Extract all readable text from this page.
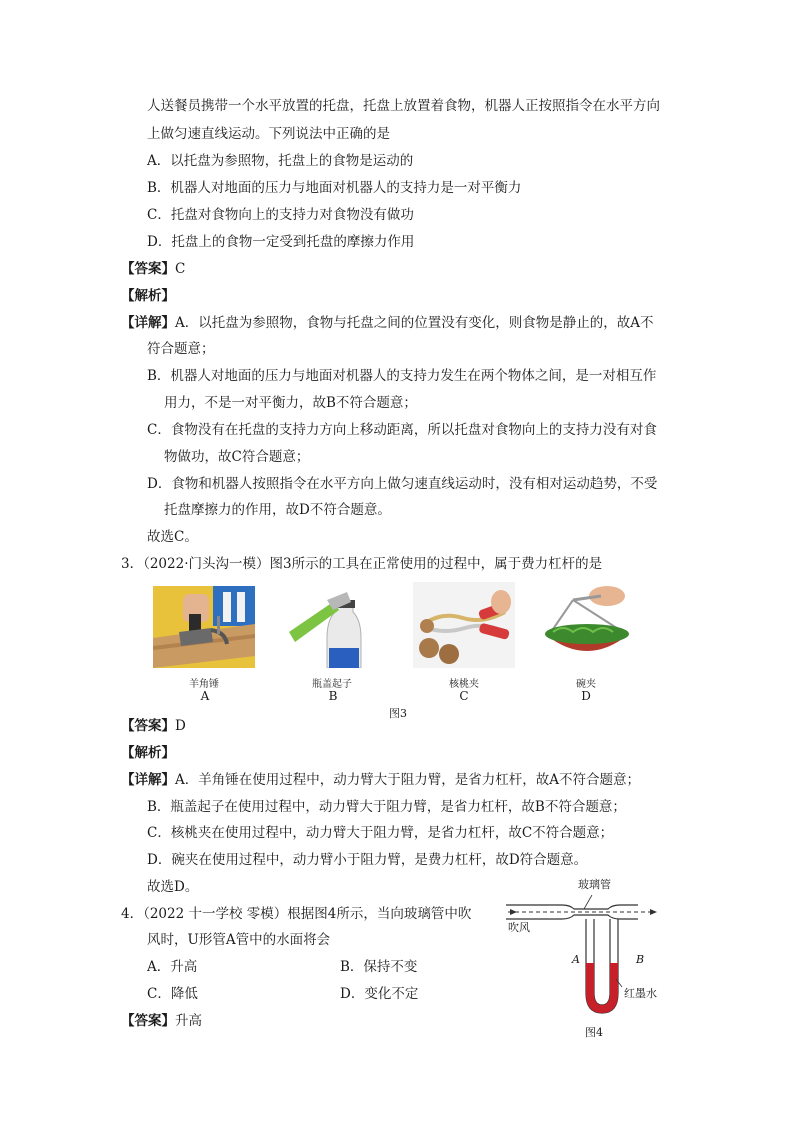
人送餐员携带一个水平放置的托盘，托盘上放置着食物，机器人正按照指令在水平方向
上做匀速直线运动。下列说法中正确的是
A．以托盘为参照物，托盘上的食物是运动的
B．机器人对地面的压力与地面对机器人的支持力是一对平衡力
C．托盘对食物向上的支持力对食物没有做功
D．托盘上的食物一定受到托盘的摩擦力作用
【答案】C
【解析】
【详解】A．以托盘为参照物，食物与托盘之间的位置没有变化，则食物是静止的，故A不
符合题意；
B．机器人对地面的压力与地面对机器人的支持力发生在两个物体之间，是一对相互作
用力，不是一对平衡力，故B不符合题意；
C．食物没有在托盘的支持力方向上移动距离，所以托盘对食物向上的支持力没有对食
物做功，故C符合题意；
D．食物和机器人按照指令在水平方向上做匀速直线运动时，没有相对运动趋势，不受
托盘摩擦力的作用，故D不符合题意。
故选C。
3．（2022·门头沟一模）图3所示的工具在正常使用的过程中，属于费力杠杆的是
羊角锤	瓶盖起子	核桃夹	碗夹
A	B	C	D
图3
【答案】D
【解析】
【详解】A．羊角锤在使用过程中，动力臂大于阻力臂，是省力杠杆，故A不符合题意；
B．瓶盖起子在使用过程中，动力臂大于阻力臂，是省力杠杆，故B不符合题意；
C．核桃夹在使用过程中，动力臂大于阻力臂，是省力杠杆，故C不符合题意；
D．碗夹在使用过程中，动力臂小于阻力臂，是费力杠杆，故D符合题意。
故选D。
4．（2022 十一学校 零模）根据图4所示，当向玻璃管中吹
风时，U形管A管中的水面将会
A．升高	B．保持不变
C．降低	D．变化不定
【答案】升高
玻璃管
吹风
A	B
红墨水
图4
